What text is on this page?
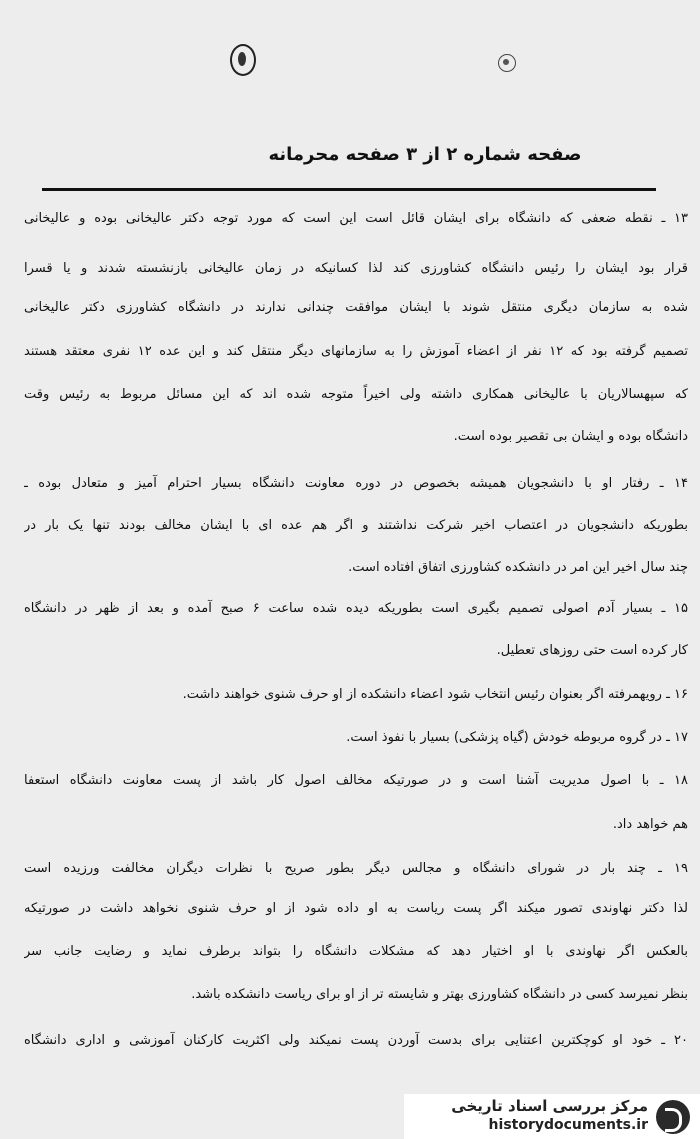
صفحه شماره ۲ از ۳ صفحه محرمانه
۱۳ ـ نقطه ضعفی که دانشگاه برای ایشان قائل است این است که مورد توجه دکتر عالیخانی بوده و عالیخانی
قرار بود ایشان را رئیس دانشگاه کشاورزی کند لذا کسانیکه در زمان عالیخانی بازنشسته شدند و یا قسرا
شده به سازمان دیگری منتقل شوند با ایشان موافقت چندانی ندارند در دانشگاه کشاورزی دکتر عالیخانی
تصمیم گرفته بود که ۱۲ نفر از اعضاء آموزش را به سازمانهای دیگر منتقل کند و این عده ۱۲ نفری معتقد هستند
که سپهسالاریان با عالیخانی همکاری داشته ولی اخیراً متوجه شده اند که این مسائل مربوط به رئیس وقت
دانشگاه بوده و ایشان بی تقصیر بوده است.
۱۴ ـ رفتار او با دانشجویان همیشه بخصوص در دوره معاونت دانشگاه بسیار احترام آمیز و متعادل بوده ـ
بطوریکه دانشجویان در اعتصاب اخیر شرکت نداشتند و اگر هم عده ای با ایشان مخالف بودند تنها یک بار در
چند سال اخیر این امر در دانشکده کشاورزی اتفاق افتاده است.
۱۵ ـ بسیار آدم اصولی تصمیم بگیری است بطوریکه دیده شده ساعت ۶ صبح آمده و بعد از ظهر در دانشگاه
کار کرده است حتی روزهای تعطیل.
۱۶ ـ رویهمرفته اگر بعنوان رئیس انتخاب شود اعضاء دانشکده از او حرف شنوی خواهند داشت.
۱۷ ـ در گروه مربوطه خودش (گیاه پزشکی) بسیار با نفوذ است.
۱۸ ـ با اصول مدیریت آشنا است و در صورتیکه مخالف اصول کار باشد از پست معاونت دانشگاه استعفا
هم خواهد داد.
۱۹ ـ چند بار در شورای دانشگاه و مجالس دیگر بطور صریح با نظرات دیگران مخالفت ورزیده است
لذا دکتر نهاوندی تصور میکند اگر پست ریاست به او داده شود از او حرف شنوی نخواهد داشت در صورتیکه
بالعکس اگر نهاوندی با او اختیار دهد که مشکلات دانشگاه را بتواند برطرف نماید و رضایت جانب سر
بنظر نمیرسد کسی در دانشگاه کشاورزی بهتر و شایسته تر از او برای ریاست دانشکده باشد.
۲۰ ـ خود او کوچکترین اعتنایی برای بدست آوردن پست نمیکند ولی اکثریت کارکنان آموزشی و اداری دانشگاه
مرکز بررسی اسناد تاریخی
historydocuments.ir
